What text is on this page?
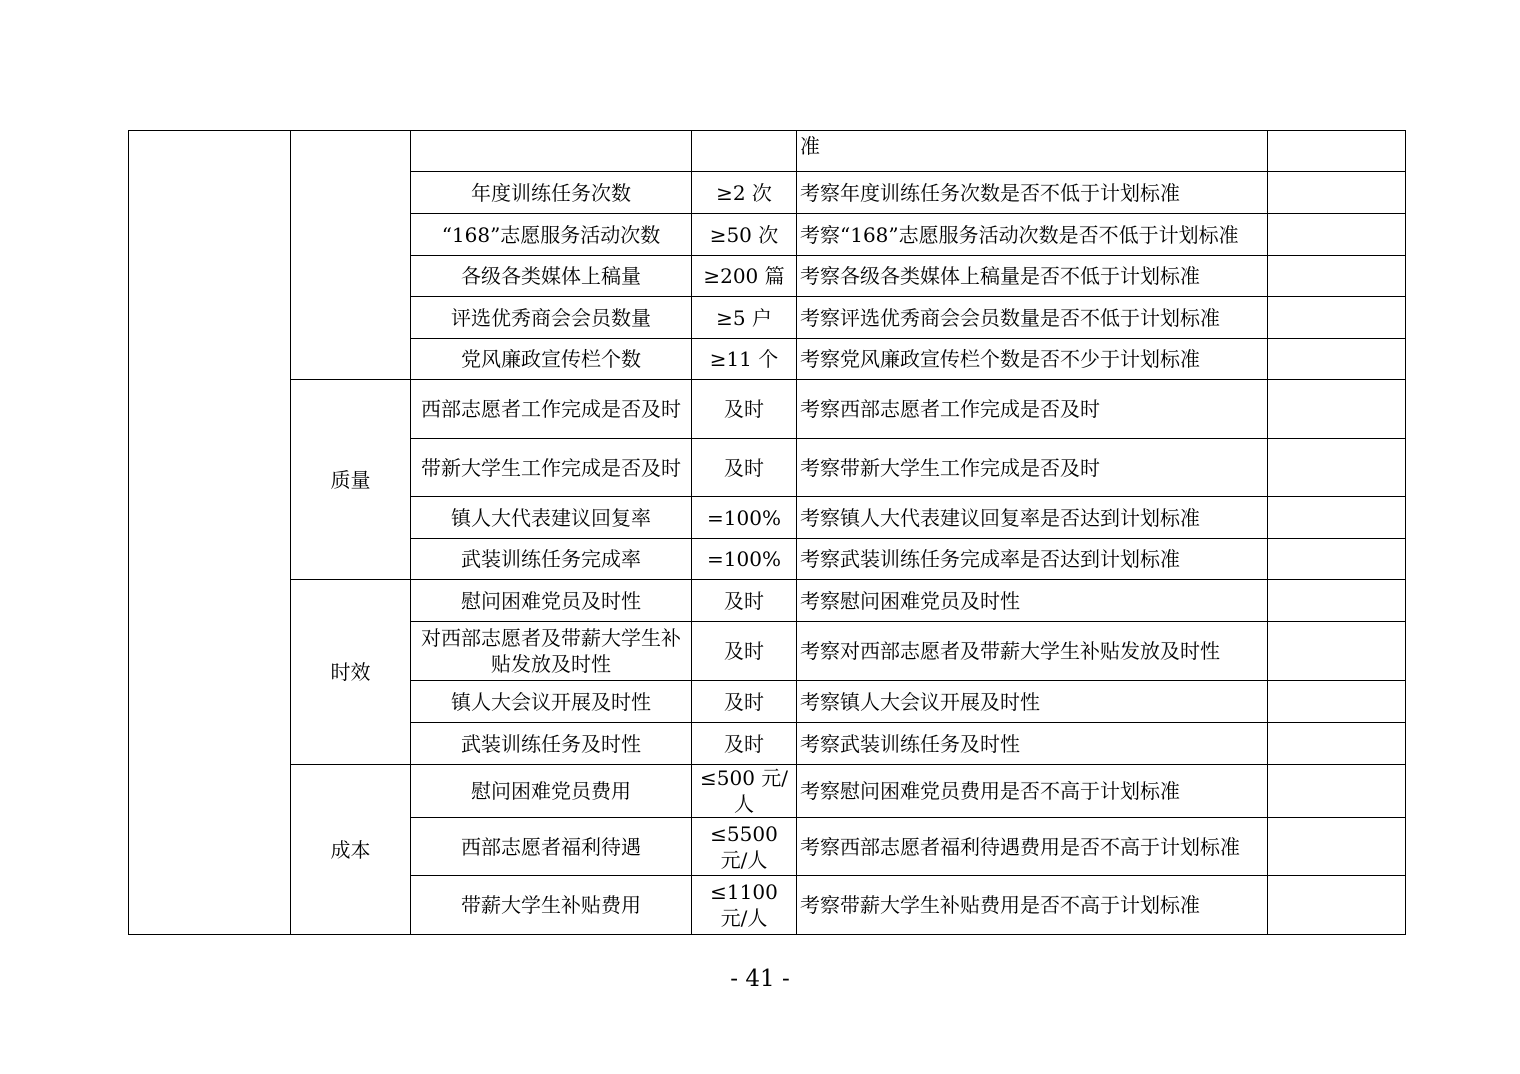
				准	
		年度训练任务次数	≥2 次	考察年度训练任务次数是否不低于计划标准	
		“168”志愿服务活动次数	≥50 次	考察“168”志愿服务活动次数是否不低于计划标准	
		各级各类媒体上稿量	≥200 篇	考察各级各类媒体上稿量是否不低于计划标准	
		评选优秀商会会员数量	≥5 户	考察评选优秀商会会员数量是否不低于计划标准	
		党风廉政宣传栏个数	≥11 个	考察党风廉政宣传栏个数是否不少于计划标准	
	质量	西部志愿者工作完成是否及时	及时	考察西部志愿者工作完成是否及时	
		带新大学生工作完成是否及时	及时	考察带新大学生工作完成是否及时	
		镇人大代表建议回复率	=100%	考察镇人大代表建议回复率是否达到计划标准	
		武装训练任务完成率	=100%	考察武装训练任务完成率是否达到计划标准	
	时效	慰问困难党员及时性	及时	考察慰问困难党员及时性	
		对西部志愿者及带薪大学生补贴发放及时性	及时	考察对西部志愿者及带薪大学生补贴发放及时性	
		镇人大会议开展及时性	及时	考察镇人大会议开展及时性	
		武装训练任务及时性	及时	考察武装训练任务及时性	
	成本	慰问困难党员费用	≤500 元/人	考察慰问困难党员费用是否不高于计划标准	
		西部志愿者福利待遇	≤5500 元/人	考察西部志愿者福利待遇费用是否不高于计划标准	
		带薪大学生补贴费用	≤1100 元/人	考察带薪大学生补贴费用是否不高于计划标准	
- 41 -
